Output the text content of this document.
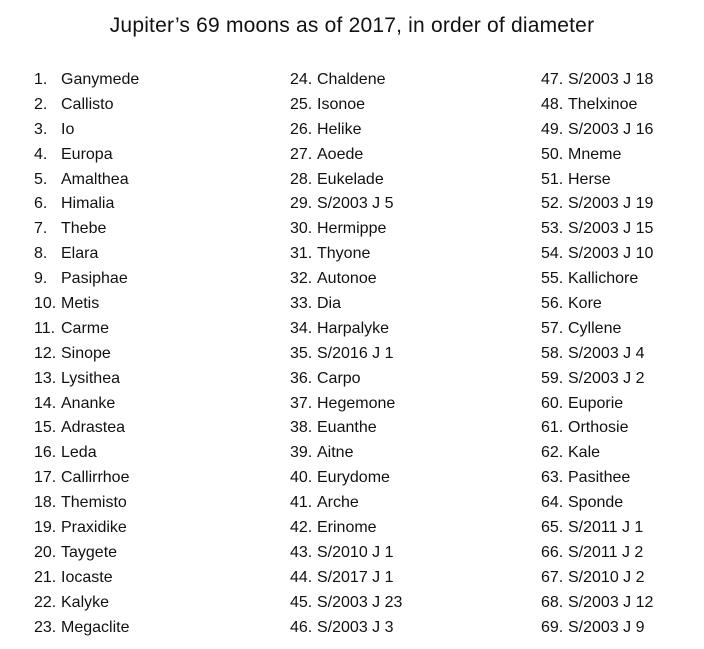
Jupiter’s 69 moons as of 2017, in order of diameter
1. Ganymede
2. Callisto
3. Io
4. Europa
5. Amalthea
6. Himalia
7. Thebe
8. Elara
9. Pasiphae
10. Metis
11. Carme
12. Sinope
13. Lysithea
14. Ananke
15. Adrastea
16. Leda
17. Callirrhoe
18. Themisto
19. Praxidike
20. Taygete
21. Iocaste
22. Kalyke
23. Megaclite
24. Chaldene
25. Isonoe
26. Helike
27. Aoede
28. Eukelade
29. S/2003 J 5
30. Hermippe
31. Thyone
32. Autonoe
33. Dia
34. Harpalyke
35. S/2016 J 1
36. Carpo
37. Hegemone
38. Euanthe
39. Aitne
40. Eurydome
41. Arche
42. Erinome
43. S/2010 J 1
44. S/2017 J 1
45. S/2003 J 23
46. S/2003 J 3
47. S/2003 J 18
48. Thelxinoe
49. S/2003 J 16
50. Mneme
51. Herse
52. S/2003 J 19
53. S/2003 J 15
54. S/2003 J 10
55. Kallichore
56. Kore
57. Cyllene
58. S/2003 J 4
59. S/2003 J 2
60. Euporie
61. Orthosie
62. Kale
63. Pasithee
64. Sponde
65. S/2011 J 1
66. S/2011 J 2
67. S/2010 J 2
68. S/2003 J 12
69. S/2003 J 9
